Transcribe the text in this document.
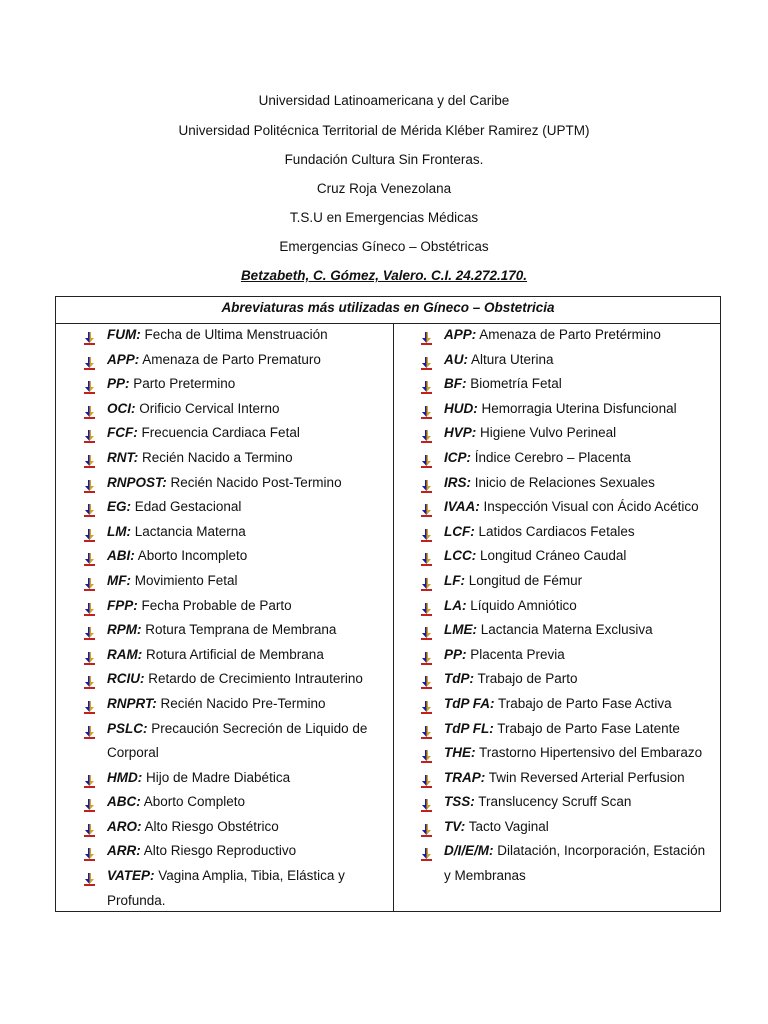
Universidad Latinoamericana y del Caribe
Universidad Politécnica Territorial de Mérida Kléber Ramirez (UPTM)
Fundación Cultura Sin Fronteras.
Cruz Roja Venezolana
T.S.U en Emergencias Médicas
Emergencias Gíneco – Obstétricas
Betzabeth, C. Gómez, Valero. C.I. 24.272.170.
Abreviaturas más utilizadas en Gíneco – Obstetricia
FUM: Fecha de Ultima Menstruación
APP: Amenaza de Parto Prematuro
PP: Parto Pretermino
OCI: Orificio Cervical Interno
FCF: Frecuencia Cardiaca Fetal
RNT: Recién Nacido a Termino
RNPOST: Recién Nacido Post-Termino
EG: Edad Gestacional
LM: Lactancia Materna
ABI: Aborto Incompleto
MF: Movimiento Fetal
FPP: Fecha Probable de Parto
RPM: Rotura Temprana de Membrana
RAM: Rotura Artificial de Membrana
RCIU: Retardo de Crecimiento Intrauterino
RNPRT: Recién Nacido Pre-Termino
PSLC: Precaución Secreción de Liquido de Corporal
HMD: Hijo de Madre Diabética
ABC: Aborto Completo
ARO: Alto Riesgo Obstétrico
ARR: Alto Riesgo Reproductivo
VATEP: Vagina Amplia, Tibia, Elástica y Profunda.
APP: Amenaza de Parto Pretérmino
AU: Altura Uterina
BF: Biometría Fetal
HUD: Hemorragia Uterina Disfuncional
HVP: Higiene Vulvo Perineal
ICP: Índice Cerebro – Placenta
IRS: Inicio de Relaciones Sexuales
IVAA: Inspección Visual con Ácido Acético
LCF: Latidos Cardiacos Fetales
LCC: Longitud Cráneo Caudal
LF: Longitud de Fémur
LA: Líquido Amniótico
LME: Lactancia Materna Exclusiva
PP: Placenta Previa
TdP: Trabajo de Parto
TdP FA: Trabajo de Parto Fase Activa
TdP FL: Trabajo de Parto Fase Latente
THE: Trastorno Hipertensivo del Embarazo
TRAP: Twin Reversed Arterial Perfusion
TSS: Translucency Scruff Scan
TV: Tacto Vaginal
D/I/E/M: Dilatación, Incorporación, Estación y Membranas
